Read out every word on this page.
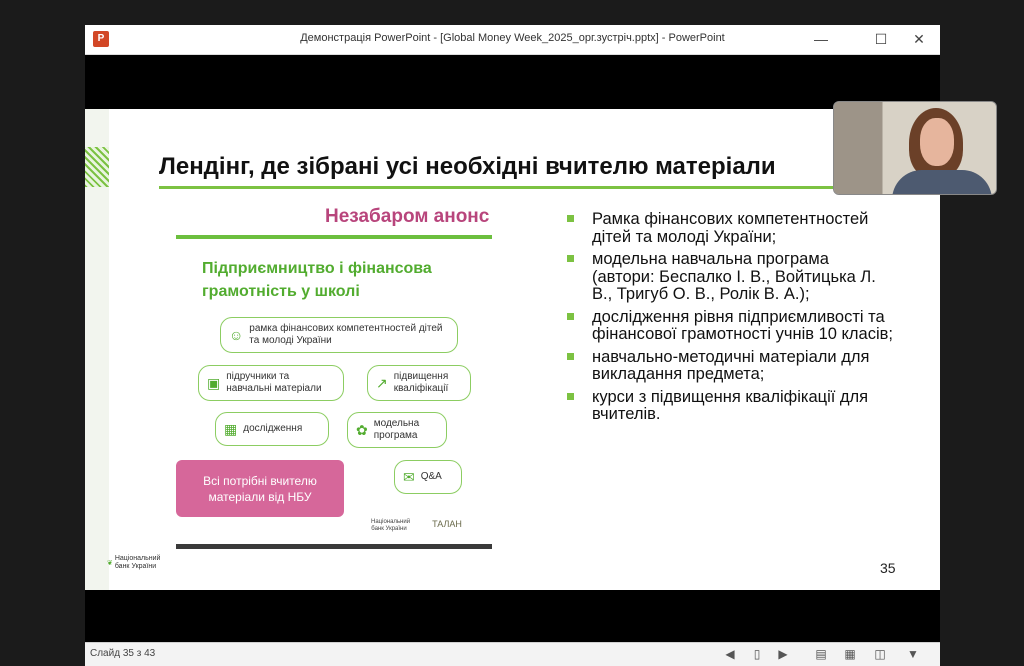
P	Демонстрація PowerPoint - [Global Money Week_2025_орг.зустріч.pptx] - PowerPoint	—	☐	✕
Лендінг, де зібрані усі необхідні вчителю матеріали
Незабаром анонс
Підприємництво і фінансова грамотність у школі
☺ рамка фінансових компетентностей дітей та молоді України
▣ підручники та навчальні матеріали	↗ підвищення кваліфікації
▦ дослідження	✿ модельна програма
✉ Q&A
Всі потрібні вчителю матеріали від НБУ
Національний банк України	ТАЛАН
Рамка фінансових компетентностей дітей та молоді України;
модельна навчальна програма (автори: Беспалко І. В., Войтицька Л. В., Тригуб О. В., Ролік В. А.);
дослідження рівня підприємливості та фінансової грамотності учнів 10 класів;
навчально-методичні матеріали для викладання предмета;
курси з підвищення кваліфікації для вчителів.
❦ Національний банк України	35
Слайд 35 з 43	◀	▯	▶ ▤ ▦ ◫ ▼
